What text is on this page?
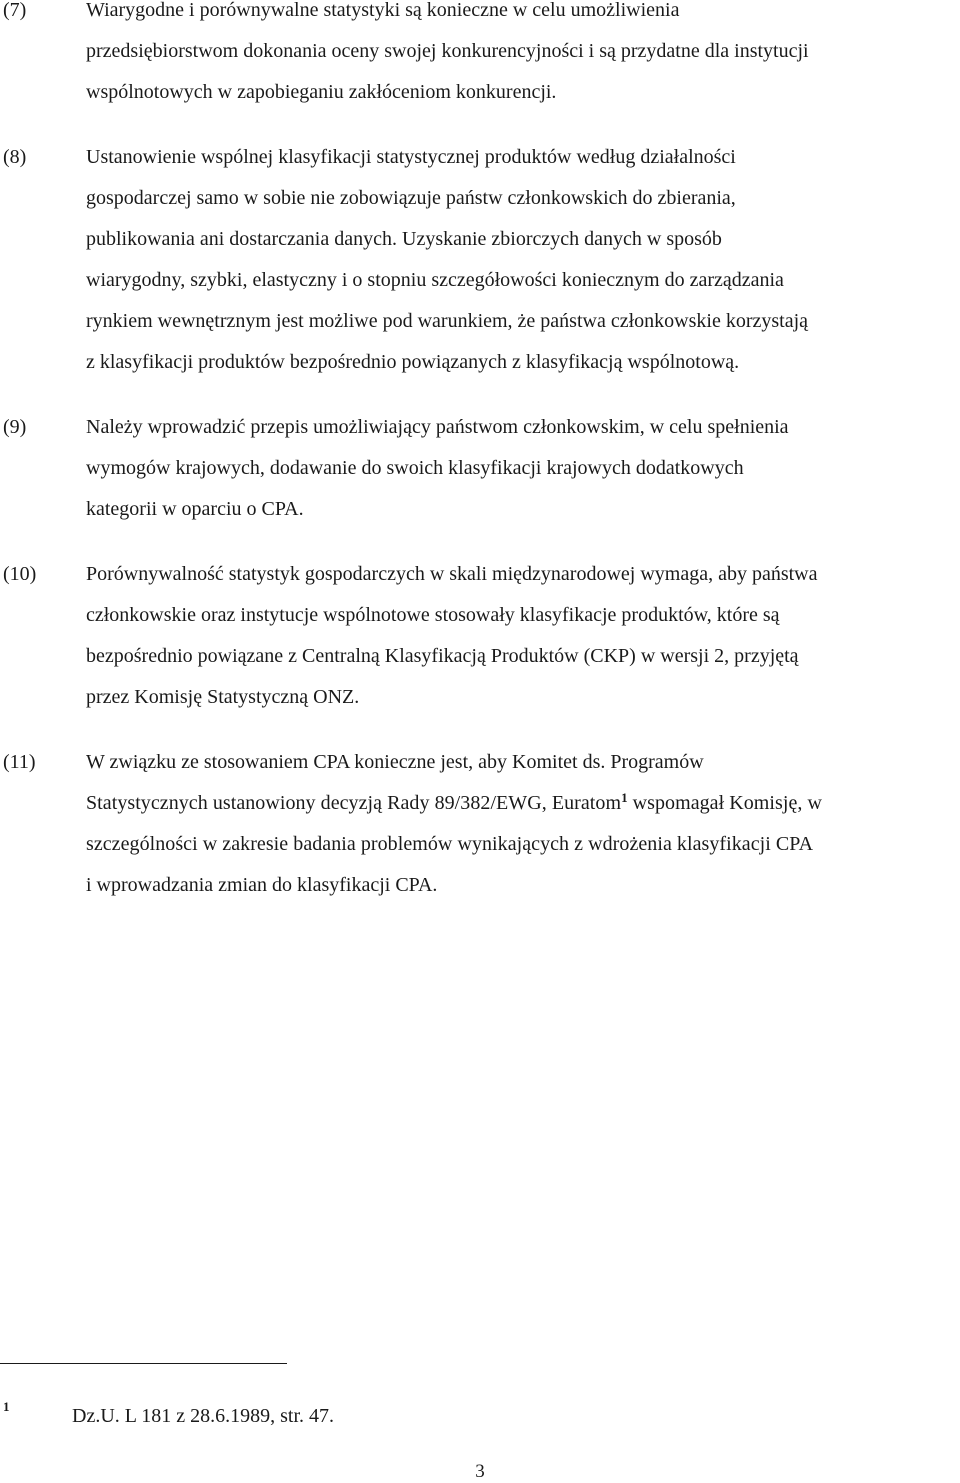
(7)	Wiarygodne i porównywalne statystyki są konieczne w celu umożliwienia
przedsiębiorstwom dokonania oceny swojej konkurencyjności i są przydatne dla instytucji
wspólnotowych w zapobieganiu zakłóceniom konkurencji.
(8)	Ustanowienie wspólnej klasyfikacji statystycznej produktów według działalności
gospodarczej samo w sobie nie zobowiązuje państw członkowskich do zbierania,
publikowania ani dostarczania danych. Uzyskanie zbiorczych danych w sposób
wiarygodny, szybki, elastyczny i o stopniu szczegółowości koniecznym do zarządzania
rynkiem wewnętrznym jest możliwe pod warunkiem, że państwa członkowskie korzystają
z klasyfikacji produktów bezpośrednio powiązanych z klasyfikacją wspólnotową.
(9)	Należy wprowadzić przepis umożliwiający państwom członkowskim, w celu spełnienia
wymogów krajowych, dodawanie do swoich klasyfikacji krajowych dodatkowych
kategorii w oparciu o CPA.
(10) Porównywalność statystyk gospodarczych w skali międzynarodowej wymaga, aby państwa
członkowskie oraz instytucje wspólnotowe stosowały klasyfikacje produktów, które są
bezpośrednio powiązane z Centralną Klasyfikacją Produktów (CKP) w wersji 2, przyjętą
przez Komisję Statystyczną ONZ.
(11)	W związku ze stosowaniem CPA konieczne jest, aby Komitet ds. Programów
Statystycznych ustanowiony decyzją Rady 89/382/EWG, Euratom$^1$ wspomagał Komisję, w
szczególności w zakresie badania problemów wynikających z wdrożenia klasyfikacji CPA
i wprowadzania zmian do klasyfikacji CPA.
1	Dz.U. L 181 z 28.6.1989, str. 47.
3
